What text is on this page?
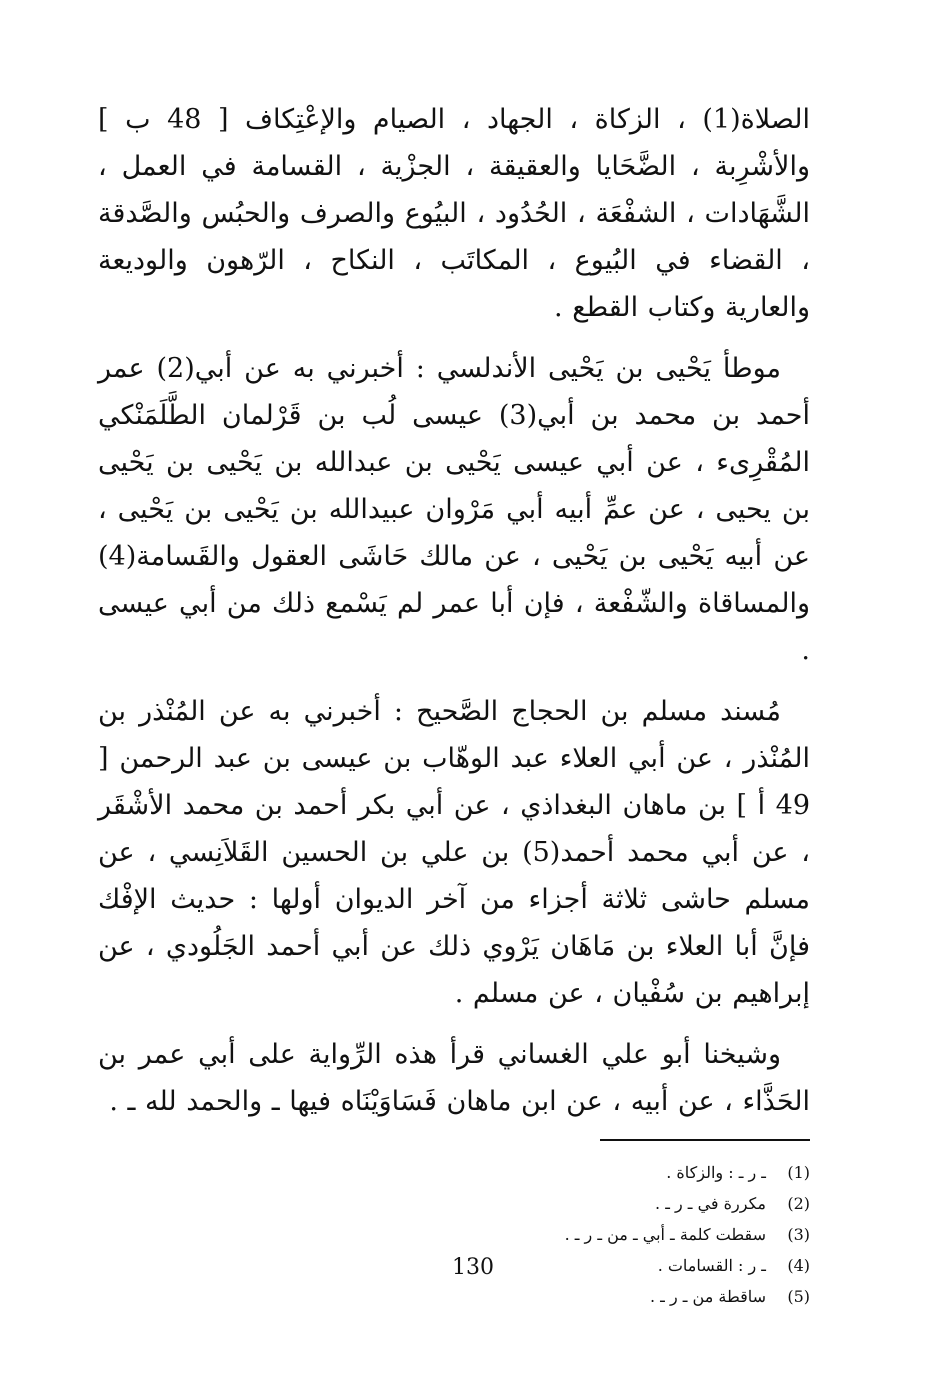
الصلاة(1) ، الزكاة ، الجهاد ، الصيام والإعْتِكاف [ 48 ب ] والأشْرِبة ، الضَّحَايا والعقيقة ، الجزْية ، القسامة في العمل ، الشَّهَادات ، الشفْعَة ، الحُدُود ، البيُوع والصرف والحبُس والصَّدقة ، القضاء في البُيوع ، المكاتَب ، النكاح ، الرّهون والوديعة والعارية وكتاب القطع .

موطأ يَحْيى بن يَحْيى الأندلسي : أخبرني به عن أبي(2) عمر أحمد بن محمد بن أبي(3) عيسى لُب بن قَرْلمان الطَّلَمَنْكي المُقْرِىء ، عن أبي عيسى يَحْيى بن عبدالله بن يَحْيى بن يَحْيى بن يحيى ، عن عمِّ أبيه أبي مَرْوان عبيدالله بن يَحْيى بن يَحْيى ، عن أبيه يَحْيى بن يَحْيى ، عن مالك حَاشَى العقول والقَسامة(4) والمساقاة والشّفْعة ، فإن أبا عمر لم يَسْمع ذلك من أبي عيسى .

مُسند مسلم بن الحجاج الصَّحيح : أخبرني به عن المُنْذر بن المُنْذر ، عن أبي العلاء عبد الوهّاب بن عيسى بن عبد الرحمن [ 49 أ ] بن ماهان البغداذي ، عن أبي بكر أحمد بن محمد الأشْقَر ، عن أبي محمد أحمد(5) بن علي بن الحسين القَلاَنِسي ، عن مسلم حاشى ثلاثة أجزاء من آخر الديوان أولها : حديث الإفْك فإنَّ أبا العلاء بن مَاهَان يَرْوي ذلك عن أبي أحمد الجَلُودي ، عن إبراهيم بن سُفْيان ، عن مسلم .

وشيخنا أبو علي الغساني قرأ هذه الرِّواية على أبي عمر بن الحَذَّاء ، عن أبيه ، عن ابن ماهان فَسَاوَيْنَاه فيها ـ والحمد لله ـ .

(1)ـ ر ـ : والزكاة .

(2)مكررة في ـ ر ـ .

(3)سقطت كلمة ـ أبي ـ من ـ ر ـ .

(4)ـ ر : القسامات .

(5)ساقطة من ـ ر ـ .

130
